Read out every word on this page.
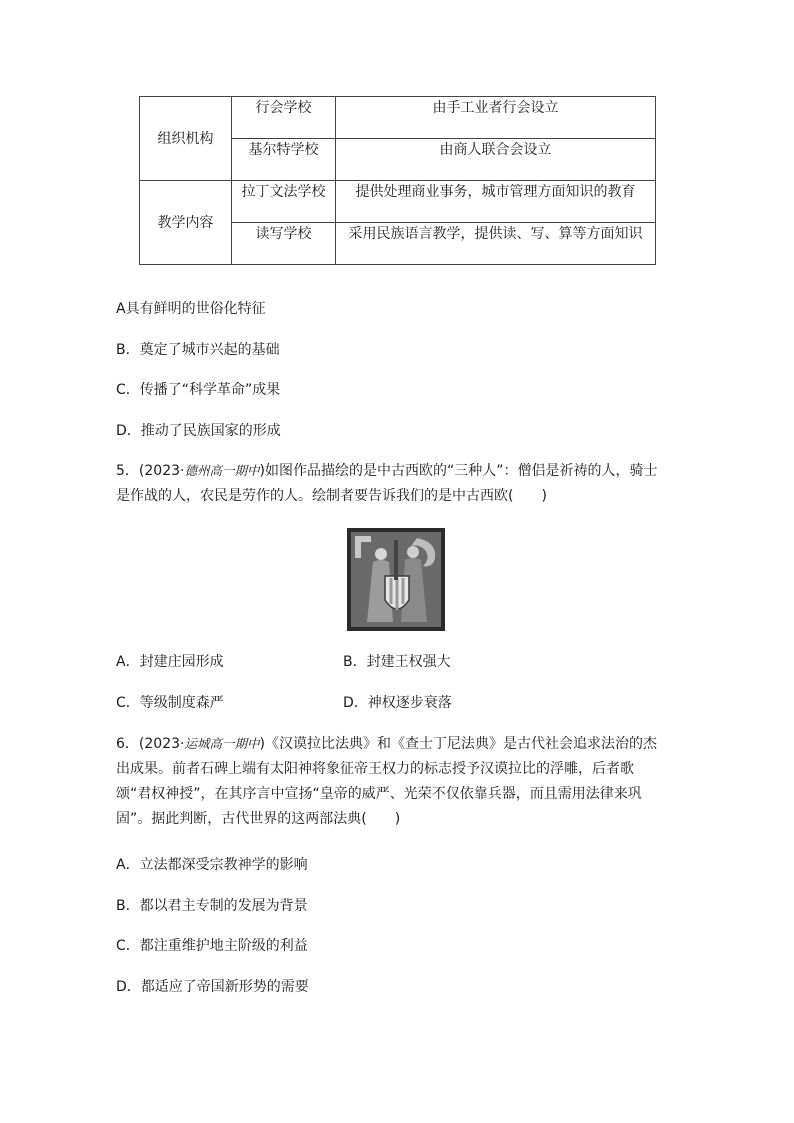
组织机构	行会学校	由手工业者行会设立

	基尔特学校	由商人联合会设立

教学内容	拉丁文法学校	提供处理商业事务，城市管理方面知识的教育

	读写学校	采用民族语言教学，提供读、写、算等方面知识
A具有鲜明的世俗化特征
B．奠定了城市兴起的基础
C．传播了“科学革命”成果
D．推动了民族国家的形成
5．(2023·德州高一期中)如图作品描绘的是中古西欧的“三种人”：僧侣是祈祷的人，骑士是作战的人，农民是劳作的人。绘制者要告诉我们的是中古西欧(　　)
A．封建庄园形成	B．封建王权强大
C．等级制度森严	D．神权逐步衰落
6．(2023·运城高一期中)《汉谟拉比法典》和《查士丁尼法典》是古代社会追求法治的杰出成果。前者石碑上端有太阳神将象征帝王权力的标志授予汉谟拉比的浮雕，后者歌颂“君权神授”，在其序言中宣扬“皇帝的威严、光荣不仅依靠兵器，而且需用法律来巩固”。据此判断，古代世界的这两部法典(　　)
A．立法都深受宗教神学的影响
B．都以君主专制的发展为背景
C．都注重维护地主阶级的利益
D．都适应了帝国新形势的需要
